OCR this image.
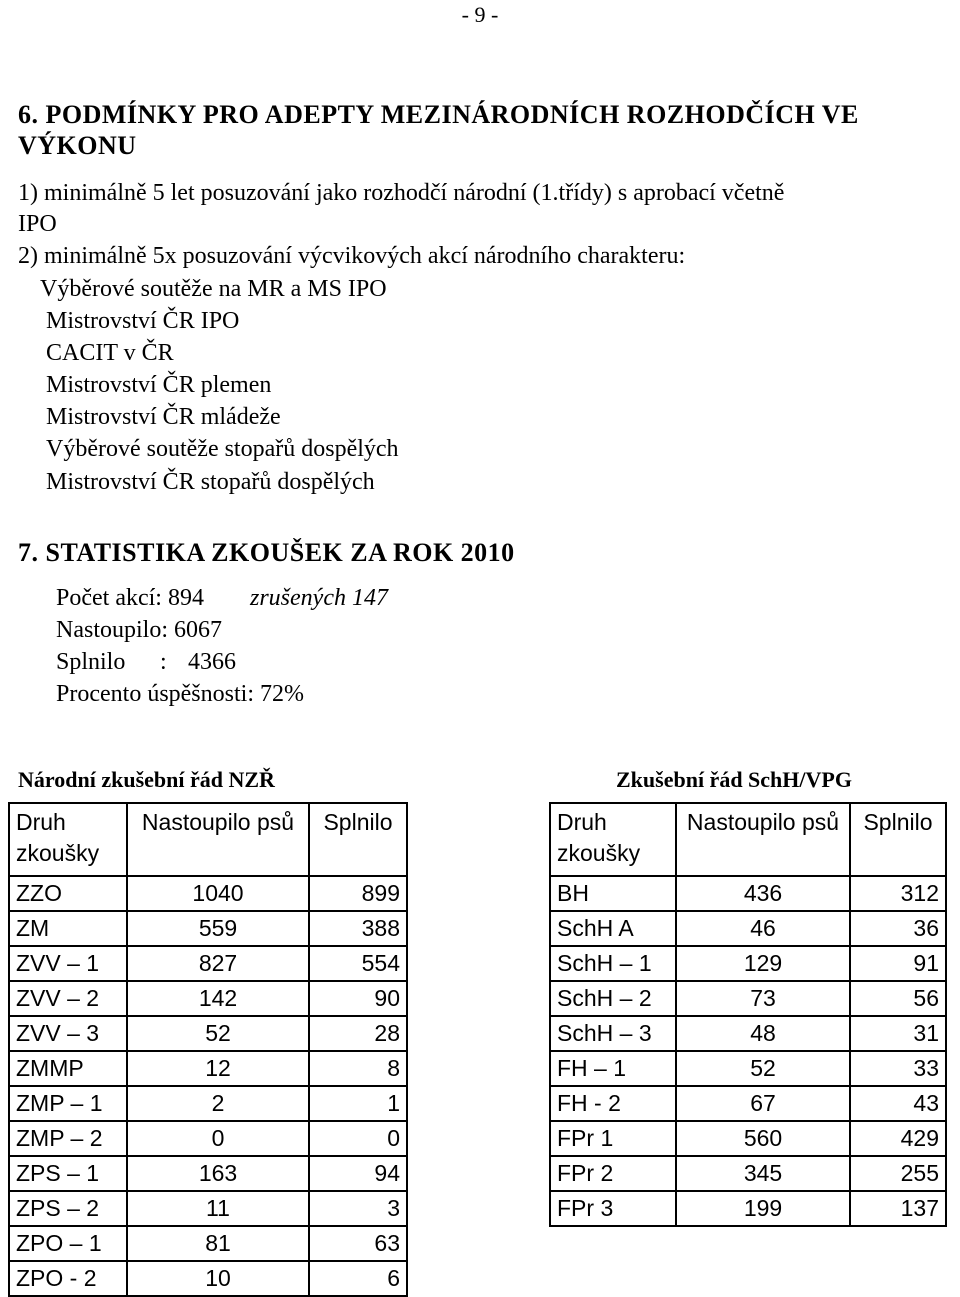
- 9 -
6. PODMÍNKY PRO ADEPTY MEZINÁRODNÍCH ROZHODČÍCH VE
VÝKONU
1) minimálně 5 let posuzování jako rozhodčí národní (1.třídy) s aprobací včetně
IPO
2) minimálně 5x posuzování výcvikových akcí národního charakteru:
Výběrové soutěže na MR a MS IPO
Mistrovství ČR IPO
CACIT v ČR
Mistrovství ČR plemen
Mistrovství ČR mládeže
Výběrové soutěže stopařů dospělých
Mistrovství ČR stopařů dospělých
7. STATISTIKA ZKOUŠEK ZA ROK 2010
Počet akcí: 894 zrušených 147
Nastoupilo: 6067
Splnilo : 4366
Procento úspěšnosti: 72%
Národní zkušební řád NZŘ	Zkušební řád SchH/VPG
Druh zkoušky	Nastoupilo psů	Splnilo
ZZO	1040	899
ZM	559	388
ZVV – 1	827	554
ZVV – 2	142	90
ZVV – 3	52	28
ZMMP	12	8
ZMP – 1	2	1
ZMP – 2	0	0
ZPS – 1	163	94
ZPS – 2	11	3
ZPO – 1	81	63
ZPO - 2	10	6
Druh zkoušky	Nastoupilo psů	Splnilo
BH	436	312
SchH A	46	36
SchH – 1	129	91
SchH – 2	73	56
SchH – 3	48	31
FH – 1	52	33
FH - 2	67	43
FPr 1	560	429
FPr 2	345	255
FPr 3	199	137
